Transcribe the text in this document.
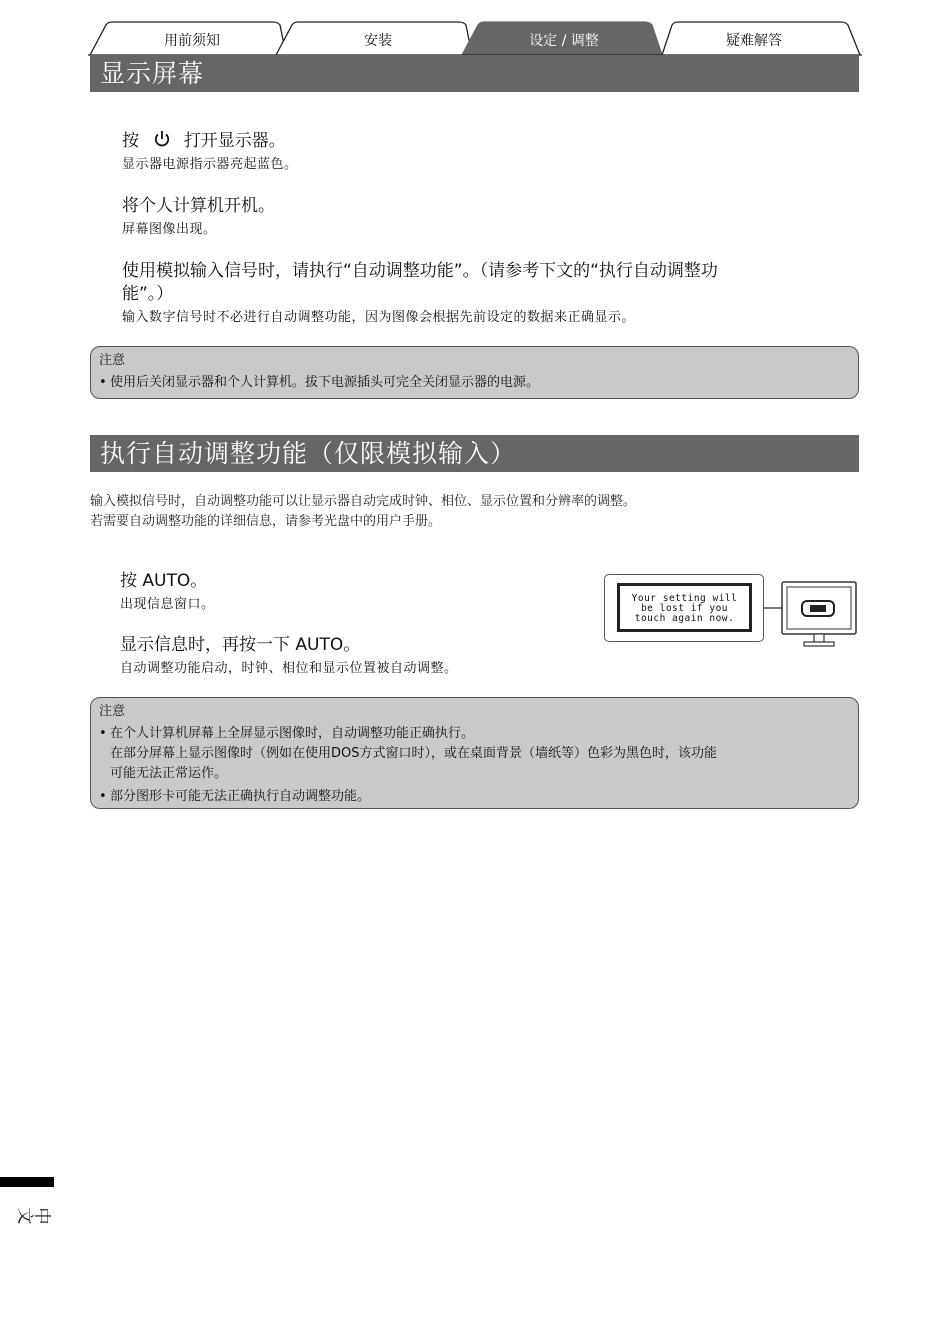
用前须知	安装	设定 / 调整	疑难解答
显示屏幕
按	打开显示器。
显示器电源指示器亮起蓝色。
将个人计算机开机。
屏幕图像出现。
使用模拟输入信号时，请执行“自动调整功能”。（请参考下文的“执行自动调整功
能”。）
输入数字信号时不必进行自动调整功能，因为图像会根据先前设定的数据来正确显示。
注意
• 使用后关闭显示器和个人计算机。拔下电源插头可完全关闭显示器的电源。
执行自动调整功能（仅限模拟输入）
输入模拟信号时，自动调整功能可以让显示器自动完成时钟、相位、显示位置和分辨率的调整。
若需要自动调整功能的详细信息，请参考光盘中的用户手册。
按 AUTO。
出现信息窗口。
显示信息时，再按一下 AUTO。
自动调整功能启动，时钟、相位和显示位置被自动调整。
Your setting will
be lost if you
touch again now.
注意
• 在个人计算机屏幕上全屏显示图像时，自动调整功能正确执行。
在部分屏幕上显示图像时（例如在使用DOS方式窗口时），或在桌面背景（墙纸等）色彩为黑色时，该功能
可能无法正常运作。
• 部分图形卡可能无法正确执行自动调整功能。
中文
